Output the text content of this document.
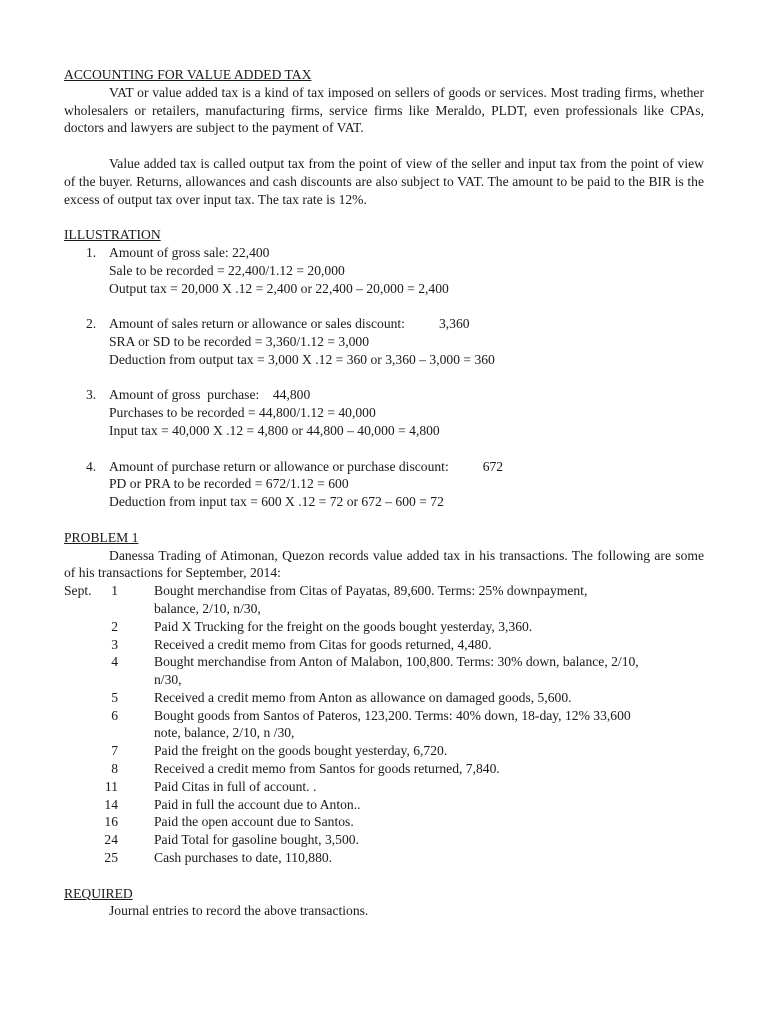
ACCOUNTING FOR VALUE ADDED TAX
VAT or value added tax is a kind of tax imposed on sellers of goods or services. Most trading firms, whether wholesalers or retailers, manufacturing firms, service firms like Meraldo, PLDT, even professionals like CPAs, doctors and lawyers are subject to the payment of VAT.
Value added tax is called output tax from the point of view of the seller and input tax from the point of view of the buyer. Returns, allowances and cash discounts are also subject to VAT. The amount to be paid to the BIR is the excess of output tax over input tax. The tax rate is 12%.
ILLUSTRATION
1. Amount of gross sale: 22,400
Sale to be recorded = 22,400/1.12 = 20,000
Output tax = 20,000 X .12 = 2,400 or 22,400 – 20,000 = 2,400
2. Amount of sales return or allowance or sales discount:          3,360
SRA or SD to be recorded = 3,360/1.12 = 3,000
Deduction from output tax = 3,000 X .12 = 360 or 3,360 – 3,000 = 360
3. Amount of gross  purchase:    44,800
Purchases to be recorded = 44,800/1.12 = 40,000
Input tax = 40,000 X .12 = 4,800 or 44,800 – 40,000 = 4,800
4. Amount of purchase return or allowance or purchase discount:          672
PD or PRA to be recorded = 672/1.12 = 600
Deduction from input tax = 600 X .12 = 72 or 672 – 600 = 72
PROBLEM 1
Danessa Trading of Atimonan, Quezon records value added tax in his transactions. The following are some of his transactions for September, 2014:
Sept.	1	Bought merchandise from Citas of Payatas, 89,600. Terms: 25% downpayment,
balance, 2/10, n/30,
2	Paid X Trucking for the freight on the goods bought yesterday, 3,360.
3	Received a credit memo from Citas for goods returned, 4,480.
4	Bought merchandise from Anton of Malabon, 100,800. Terms: 30% down, balance, 2/10,
n/30,
5	Received a credit memo from Anton as allowance on damaged goods, 5,600.
6	Bought goods from Santos of Pateros, 123,200. Terms: 40% down, 18-day, 12% 33,600
note, balance, 2/10, n /30,
7	Paid the freight on the goods bought yesterday, 6,720.
8	Received a credit memo from Santos for goods returned, 7,840.
11	Paid Citas in full of account. .
14	Paid in full the account due to Anton..
16	Paid the open account due to Santos.
24	Paid Total for gasoline bought, 3,500.
25	Cash purchases to date, 110,880.
REQUIRED
Journal entries to record the above transactions.
